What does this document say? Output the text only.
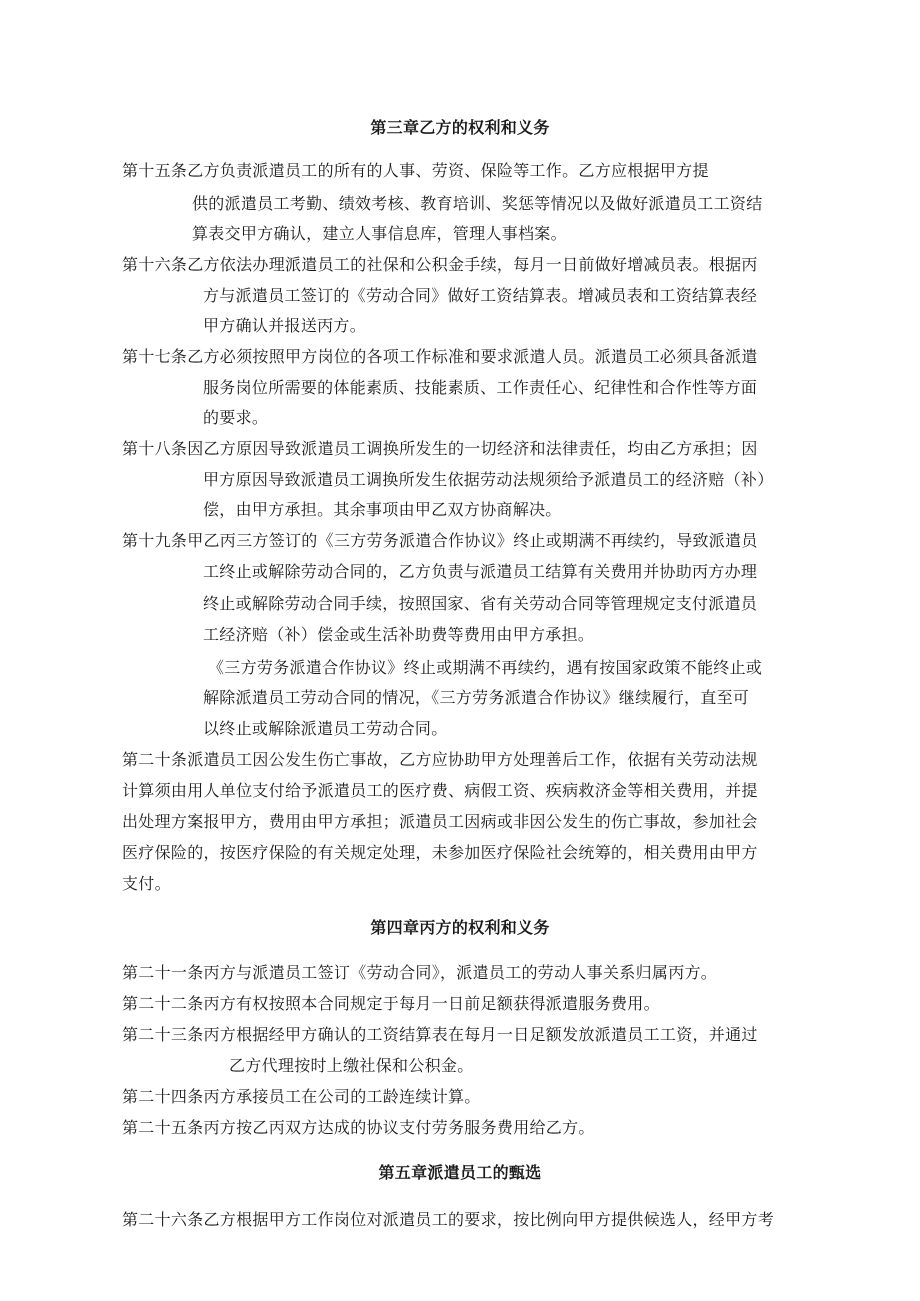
第三章乙方的权利和义务
第十五条乙方负责派遣员工的所有的人事、劳资、保险等工作。乙方应根据甲方提
供的派遣员工考勤、绩效考核、教育培训、奖惩等情况以及做好派遣员工工资结
算表交甲方确认，建立人事信息库，管理人事档案。
第十六条乙方依法办理派遣员工的社保和公积金手续，每月一日前做好增减员表。根据丙
方与派遣员工签订的《劳动合同》做好工资结算表。增减员表和工资结算表经
甲方确认并报送丙方。
第十七条乙方必须按照甲方岗位的各项工作标准和要求派遣人员。派遣员工必须具备派遣
服务岗位所需要的体能素质、技能素质、工作责任心、纪律性和合作性等方面
的要求。
第十八条因乙方原因导致派遣员工调换所发生的一切经济和法律责任，均由乙方承担；因
甲方原因导致派遣员工调换所发生依据劳动法规须给予派遣员工的经济赔（补）
偿，由甲方承担。其余事项由甲乙双方协商解决。
第十九条甲乙丙三方签订的《三方劳务派遣合作协议》终止或期满不再续约，导致派遣员
工终止或解除劳动合同的，乙方负责与派遣员工结算有关费用并协助丙方办理
终止或解除劳动合同手续，按照国家、省有关劳动合同等管理规定支付派遣员
工经济赔（补）偿金或生活补助费等费用由甲方承担。
《三方劳务派遣合作协议》终止或期满不再续约，遇有按国家政策不能终止或
解除派遣员工劳动合同的情况，《三方劳务派遣合作协议》继续履行，直至可
以终止或解除派遣员工劳动合同。
第二十条派遣员工因公发生伤亡事故，乙方应协助甲方处理善后工作，依据有关劳动法规
计算须由用人单位支付给予派遣员工的医疗费、病假工资、疾病救济金等相关费用，并提
出处理方案报甲方，费用由甲方承担；派遣员工因病或非因公发生的伤亡事故，参加社会
医疗保险的，按医疗保险的有关规定处理，未参加医疗保险社会统筹的，相关费用由甲方
支付。
第四章丙方的权利和义务
第二十一条丙方与派遣员工签订《劳动合同》，派遣员工的劳动人事关系归属丙方。
第二十二条丙方有权按照本合同规定于每月一日前足额获得派遣服务费用。
第二十三条丙方根据经甲方确认的工资结算表在每月一日足额发放派遣员工工资，并通过
乙方代理按时上缴社保和公积金。
第二十四条丙方承接员工在公司的工龄连续计算。
第二十五条丙方按乙丙双方达成的协议支付劳务服务费用给乙方。
第五章派遣员工的甄选
第二十六条乙方根据甲方工作岗位对派遣员工的要求，按比例向甲方提供候选人，经甲方考
